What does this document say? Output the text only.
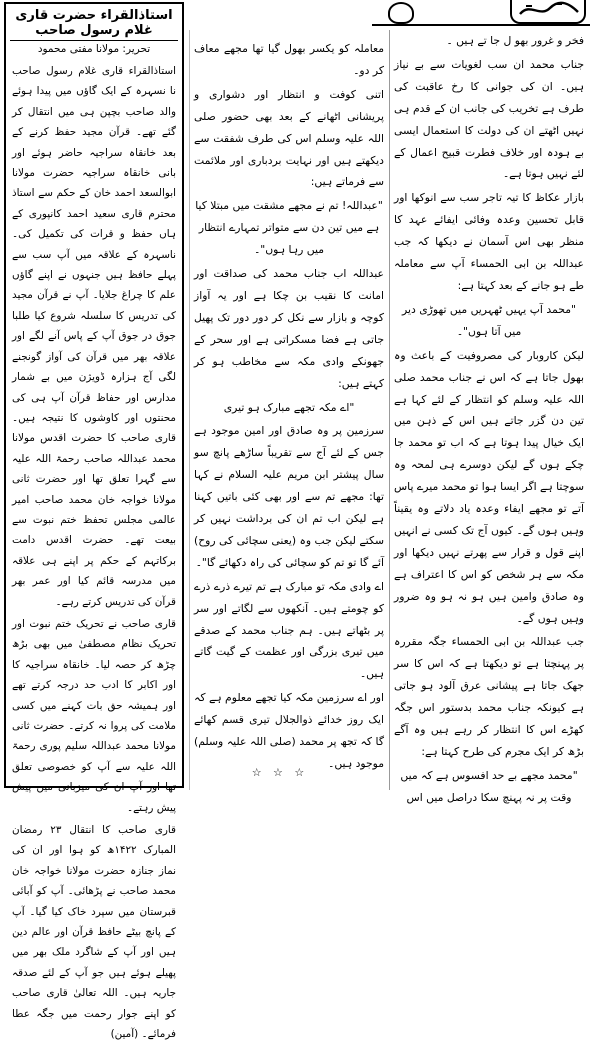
فخر و غرور بھو ل جا تے ہیں ۔

جناب محمد ان سب لغویات سے بے نیاز ہیں۔ ان کی جوانی کا رخ عاقبت کی طرف ہے تخریب کی جانب ان کے قدم ہی نہیں اٹھتے ان کی دولت کا استعمال ایسی بے ہودہ اور خلاف فطرت قبیح اعمال کے لئے نہیں ہوتا ہے۔

بازار عکاظ کا تیہ تاجر سب سے انوکھا اور قابل تحسین وعدہ وفائی ایفائے عہد کا منظر بھی اس آسمان نے دیکھا کہ جب عبداللہ بن ابی الحمساء آپ سے معاملہ طے ہو جانے کے بعد کہتا ہے:

"محمد آپ یہیں ٹھہریں میں تھوڑی دیر میں آتا ہوں"۔

لیکن کاروبار کی مصروفیت کے باعث وہ بھول جاتا ہے کہ اس نے جناب محمد صلی اللہ علیہ وسلم کو انتظار کے لئے کہا ہے تین دن گزر جاتے ہیں اس کے ذہن میں ایک خیال پیدا ہوتا ہے کہ اب تو محمد جا چکے ہوں گے لیکن دوسرے ہی لمحہ وہ سوچتا ہے اگر ایسا ہوا تو محمد میرے پاس آتے تو مجھے ایفاء وعدہ یاد دلاتے وہ یقیناً وہیں ہوں گے۔ کیوں آج تک کسی نے انہیں اپنے قول و قرار سے پھرتے نہیں دیکھا اور مکہ سے ہر شخص کو اس کا اعتراف ہے وہ صادق وامین ہیں ہو نہ ہو وہ ضرور وہیں ہوں گے۔

جب عبداللہ بن ابی الحمساء جگہ مقررہ پر پہنچتا ہے تو دیکھتا ہے کہ اس کا سر جھک جاتا ہے پیشانی عرق آلود ہو جاتی ہے کیونکہ جناب محمد بدستور اس جگہ کھڑے اس کا انتظار کر رہے ہیں وہ آگے بڑھ کر ایک مجرم کی طرح کہتا ہے:

"محمد مجھے بے حد افسوس ہے کہ میں وقت پر نہ پہنچ سکا دراصل میں اس

معاملہ کو یکسر بھول گیا تھا مجھے معاف کر دو۔

اتنی کوفت و انتظار اور دشواری و پریشانی اٹھانے کے بعد بھی حضور صلی اللہ علیہ وسلم اس کی طرف شفقت سے دیکھتے ہیں اور نہایت بردباری اور ملائمت سے فرماتے ہیں:

"عبداللہ! تم نے مجھے مشقت میں مبتلا کیا ہے میں تین دن سے متواتر تمہارے انتظار میں رہا ہوں"۔

عبداللہ اب جناب محمد کی صداقت اور امانت کا نقیب بن چکا ہے اور یہ آواز کوچہ و بازار سے نکل کر دور دور تک پھیل جاتی ہے فضا مسکراتی ہے اور سحر کے جھونکے وادی مکہ سے مخاطب ہو کر کہتے ہیں:

"اے مکہ تجھے مبارک ہو تیری

سرزمین پر وہ صادق اور امین موجود ہے جس کے لئے آج سے تقریباً ساڑھے پانچ سو سال پیشتر ابن مریم علیہ السلام نے کہا تھا: مجھے تم سے اور بھی کئی باتیں کہنا ہے لیکن اب تم ان کی برداشت نہیں کر سکتے لیکن جب وہ (یعنی سچائی کی روح) آئے گا تو تم کو سچائی کی راہ دکھائے گا"۔

اے وادی مکہ تو مبارک ہے تم تیرے ذرے ذرے کو چومتے ہیں۔ آنکھوں سے لگاتے اور سر پر بٹھاتے ہیں۔ ہم جناب محمد کے صدقے میں تیری بزرگی اور عظمت کے گیت گاتے ہیں۔

اور اے سرزمین مکہ کیا تجھے معلوم ہے کہ ایک روز خدائے ذوالجلال تیری قسم کھائے گا کہ تجھ پر محمد (صلی اللہ علیہ وسلم) موجود ہیں۔

☆ ☆ ☆
استاذالقراء حضرت قاری غلام رسول صاحب
تحریر: مولانا مفتی محمود

استاذالقراء قاری غلام رسول صاحب نا نسہرہ کے ایک گاؤں میں پیدا ہوئے والد صاحب بچپن ہی میں انتقال کر گئے تھے۔ قرآن مجید حفظ کرنے کے بعد خانقاہ سراجیہ حاضر ہوئے اور بانی خانقاہ سراجیہ حضرت مولانا ابوالسعد احمد خان کے حکم سے استاذ محترم قاری سعید احمد کانپوری کے ہاں حفظ و قرات کی تکمیل کی۔ ناسہرہ کے علاقہ میں آپ سب سے پہلے حافظ ہیں جنہوں نے اپنے گاؤں علم کا چراغ جلایا۔ آپ نے قرآن مجید کی تدریس کا سلسلہ شروع کیا طلبا جوق در جوق آپ کے پاس آنے لگے اور علاقہ بھر میں قرآن کی آواز گونجنے لگی آج ہزارہ ڈویژن میں بے شمار مدارس اور حفاظ قرآن آپ ہی کی محنتوں اور کاوشوں کا نتیجہ ہیں۔ قاری صاحب کا حضرت اقدس مولانا محمد عبداللہ صاحب رحمۃ اللہ علیہ سے گہرا تعلق تھا اور حضرت ثانی مولانا خواجہ خان محمد صاحب امیر عالمی مجلس تحفظ ختم نبوت سے بیعت تھے۔ حضرت اقدس دامت برکاتہم کے حکم پر اپنے ہی علاقہ میں مدرسہ قائم کیا اور عمر بھر قرآن کی تدریس کرتے رہے۔

قاری صاحب نے تحریک ختم نبوت اور تحریک نظام مصطفیٰ میں بھی بڑھ چڑھ کر حصہ لیا۔ خانقاہ سراجیہ کا اور اکابر کا ادب حد درجہ کرتے تھے اور ہمیشہ حق بات کہنے میں کسی ملامت کی پروا نہ کرتے۔ حضرت ثانی مولانا محمد عبداللہ سلیم پوری رحمۃ اللہ علیہ سے آپ کو خصوصی تعلق تھا اور آپ ان کی میزبانی میں پیش پیش رہتے۔

قاری صاحب کا انتقال ۲۳ رمضان المبارک ۱۴۲۲ھ کو ہوا اور ان کی نماز جنازہ حضرت مولانا خواجہ خان محمد صاحب نے پڑھائی۔ آپ کو آبائی قبرستان میں سپرد خاک کیا گیا۔ آپ کے پانچ بیٹے حافظ قرآن اور عالم دین ہیں اور آپ کے شاگرد ملک بھر میں پھیلے ہوئے ہیں جو آپ کے لئے صدقہ جاریہ ہیں۔ اللہ تعالیٰ قاری صاحب کو اپنے جوار رحمت میں جگہ عطا فرمائے۔ (آمین)
